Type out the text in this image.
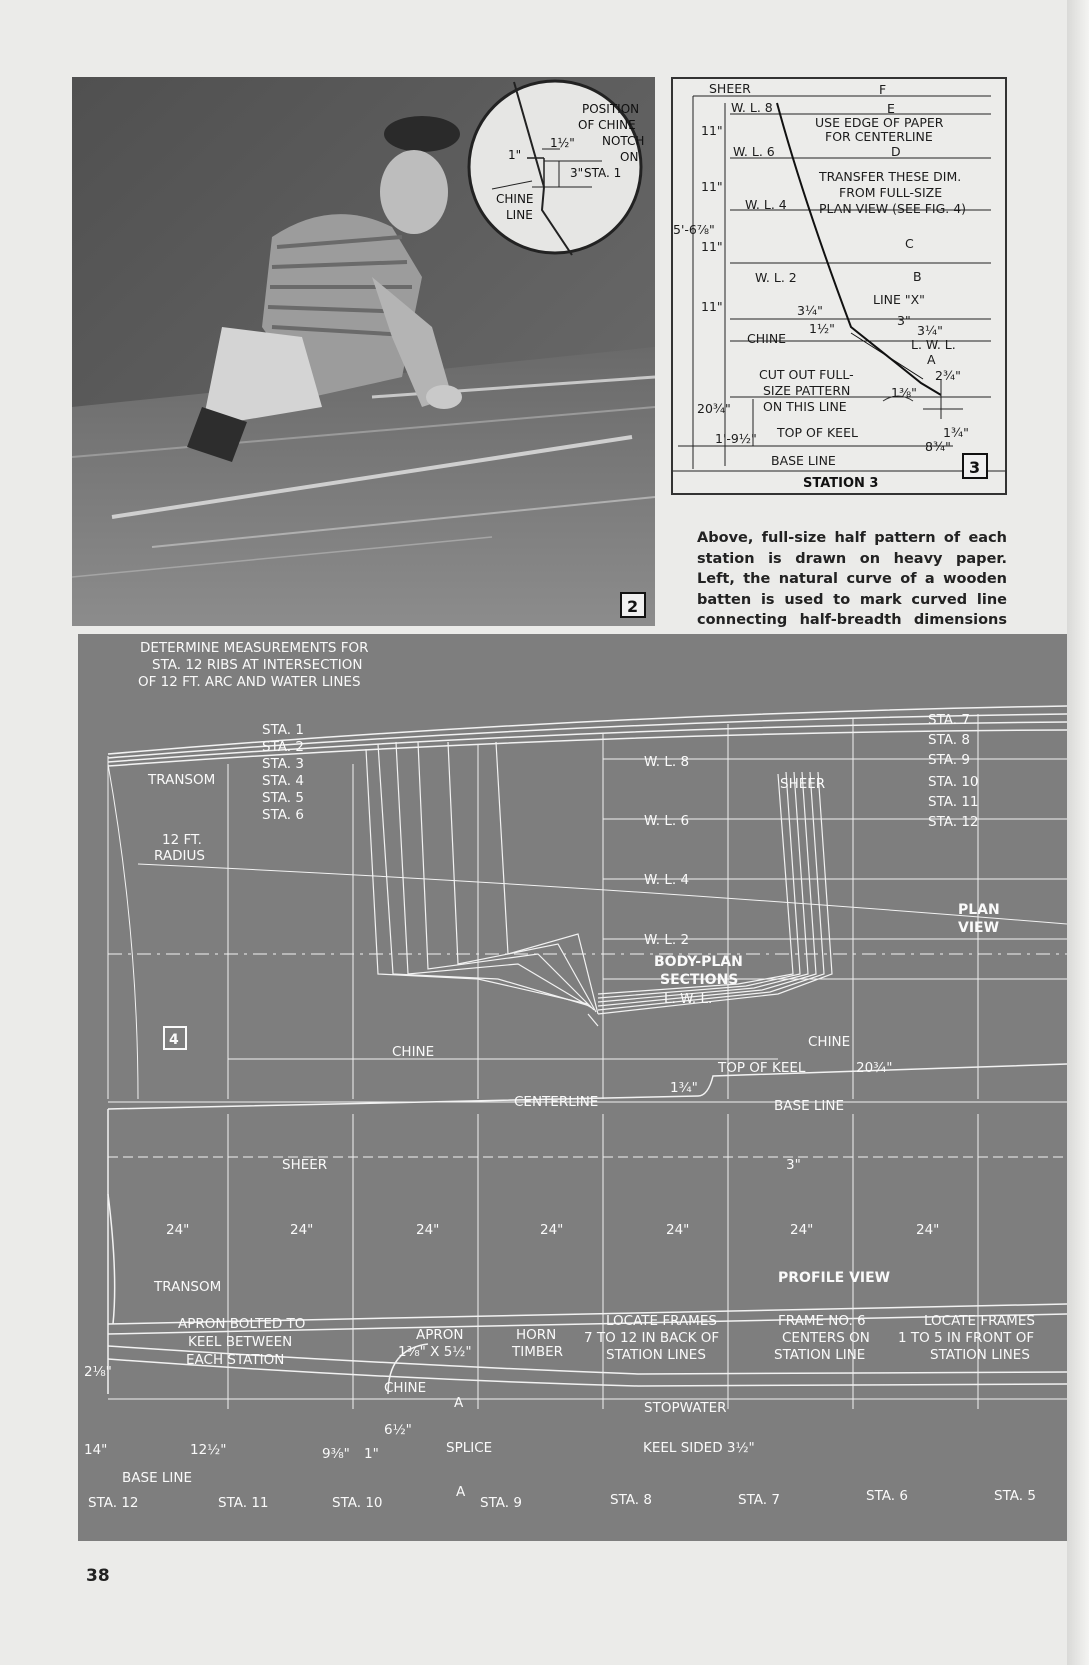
POSITION
OF CHINE
NOTCH
ON
STA. 1
1"
1½"
3"
CHINE
LINE
2
SHEER
W. L. 8
W. L. 6
W. L. 4
W. L. 2
CHINE	L. W. L.
TOP OF KEEL
BASE LINE
LINE "X"
USE EDGE OF PAPER
FOR CENTERLINE
TRANSFER THESE DIM.
FROM FULL-SIZE
PLAN VIEW (SEE FIG. 4)
CUT OUT FULL-
SIZE PATTERN
ON THIS LINE
F
E
D
C
B
A
5'-6⅞"
11"
11"
11"
11"
20¾"
1'-9½"
3¼"
1½"
3"
3¼"
2¾"
1⅜"
1¾"
8¾"
STATION 3
3

Above, full-size half pattern of each
station is drawn on heavy paper.
Left, the natural curve of a wooden
batten is used to mark curved line
connecting half-breadth dimensions

DETERMINE MEASUREMENTS FOR
STA. 12 RIBS AT INTERSECTION
OF 12 FT. ARC AND WATER LINES
TRANSOM
12 FT.
RADIUS
STA. 1
STA. 2
STA. 3
STA. 4
STA. 5
STA. 6
STA. 7
STA. 8
STA. 9
STA. 10
STA. 11
STA. 12
W. L. 8
W. L. 6
W. L. 4
W. L. 2
BODY-PLAN
SECTIONS
L. W. L.
SHEER
PLAN
VIEW
4
CHINE
CHINE
TOP OF KEEL	20¾"
CENTERLINE
1¾"
BASE LINE
SHEER	3"
24"	24"	24"	24"	24"	24"	24"
TRANSOM
PROFILE VIEW
APRON BOLTED TO
KEEL BETWEEN
EACH STATION
APRON
1⅜" X 5½"
HORN
TIMBER
LOCATE FRAMES
7 TO 12 IN BACK OF
STATION LINES
FRAME NO. 6
CENTERS ON
STATION LINE
LOCATE FRAMES
1 TO 5 IN FRONT OF
STATION LINES
2⅛"
CHINE
A	STOPWATER
14"	12½"
6½"
9⅜" 1"	SPLICE	KEEL SIDED 3½"
BASE LINE
A
STA. 12	STA. 11	STA. 10	STA. 9	STA. 8	STA. 7	STA. 6	STA. 5

38
